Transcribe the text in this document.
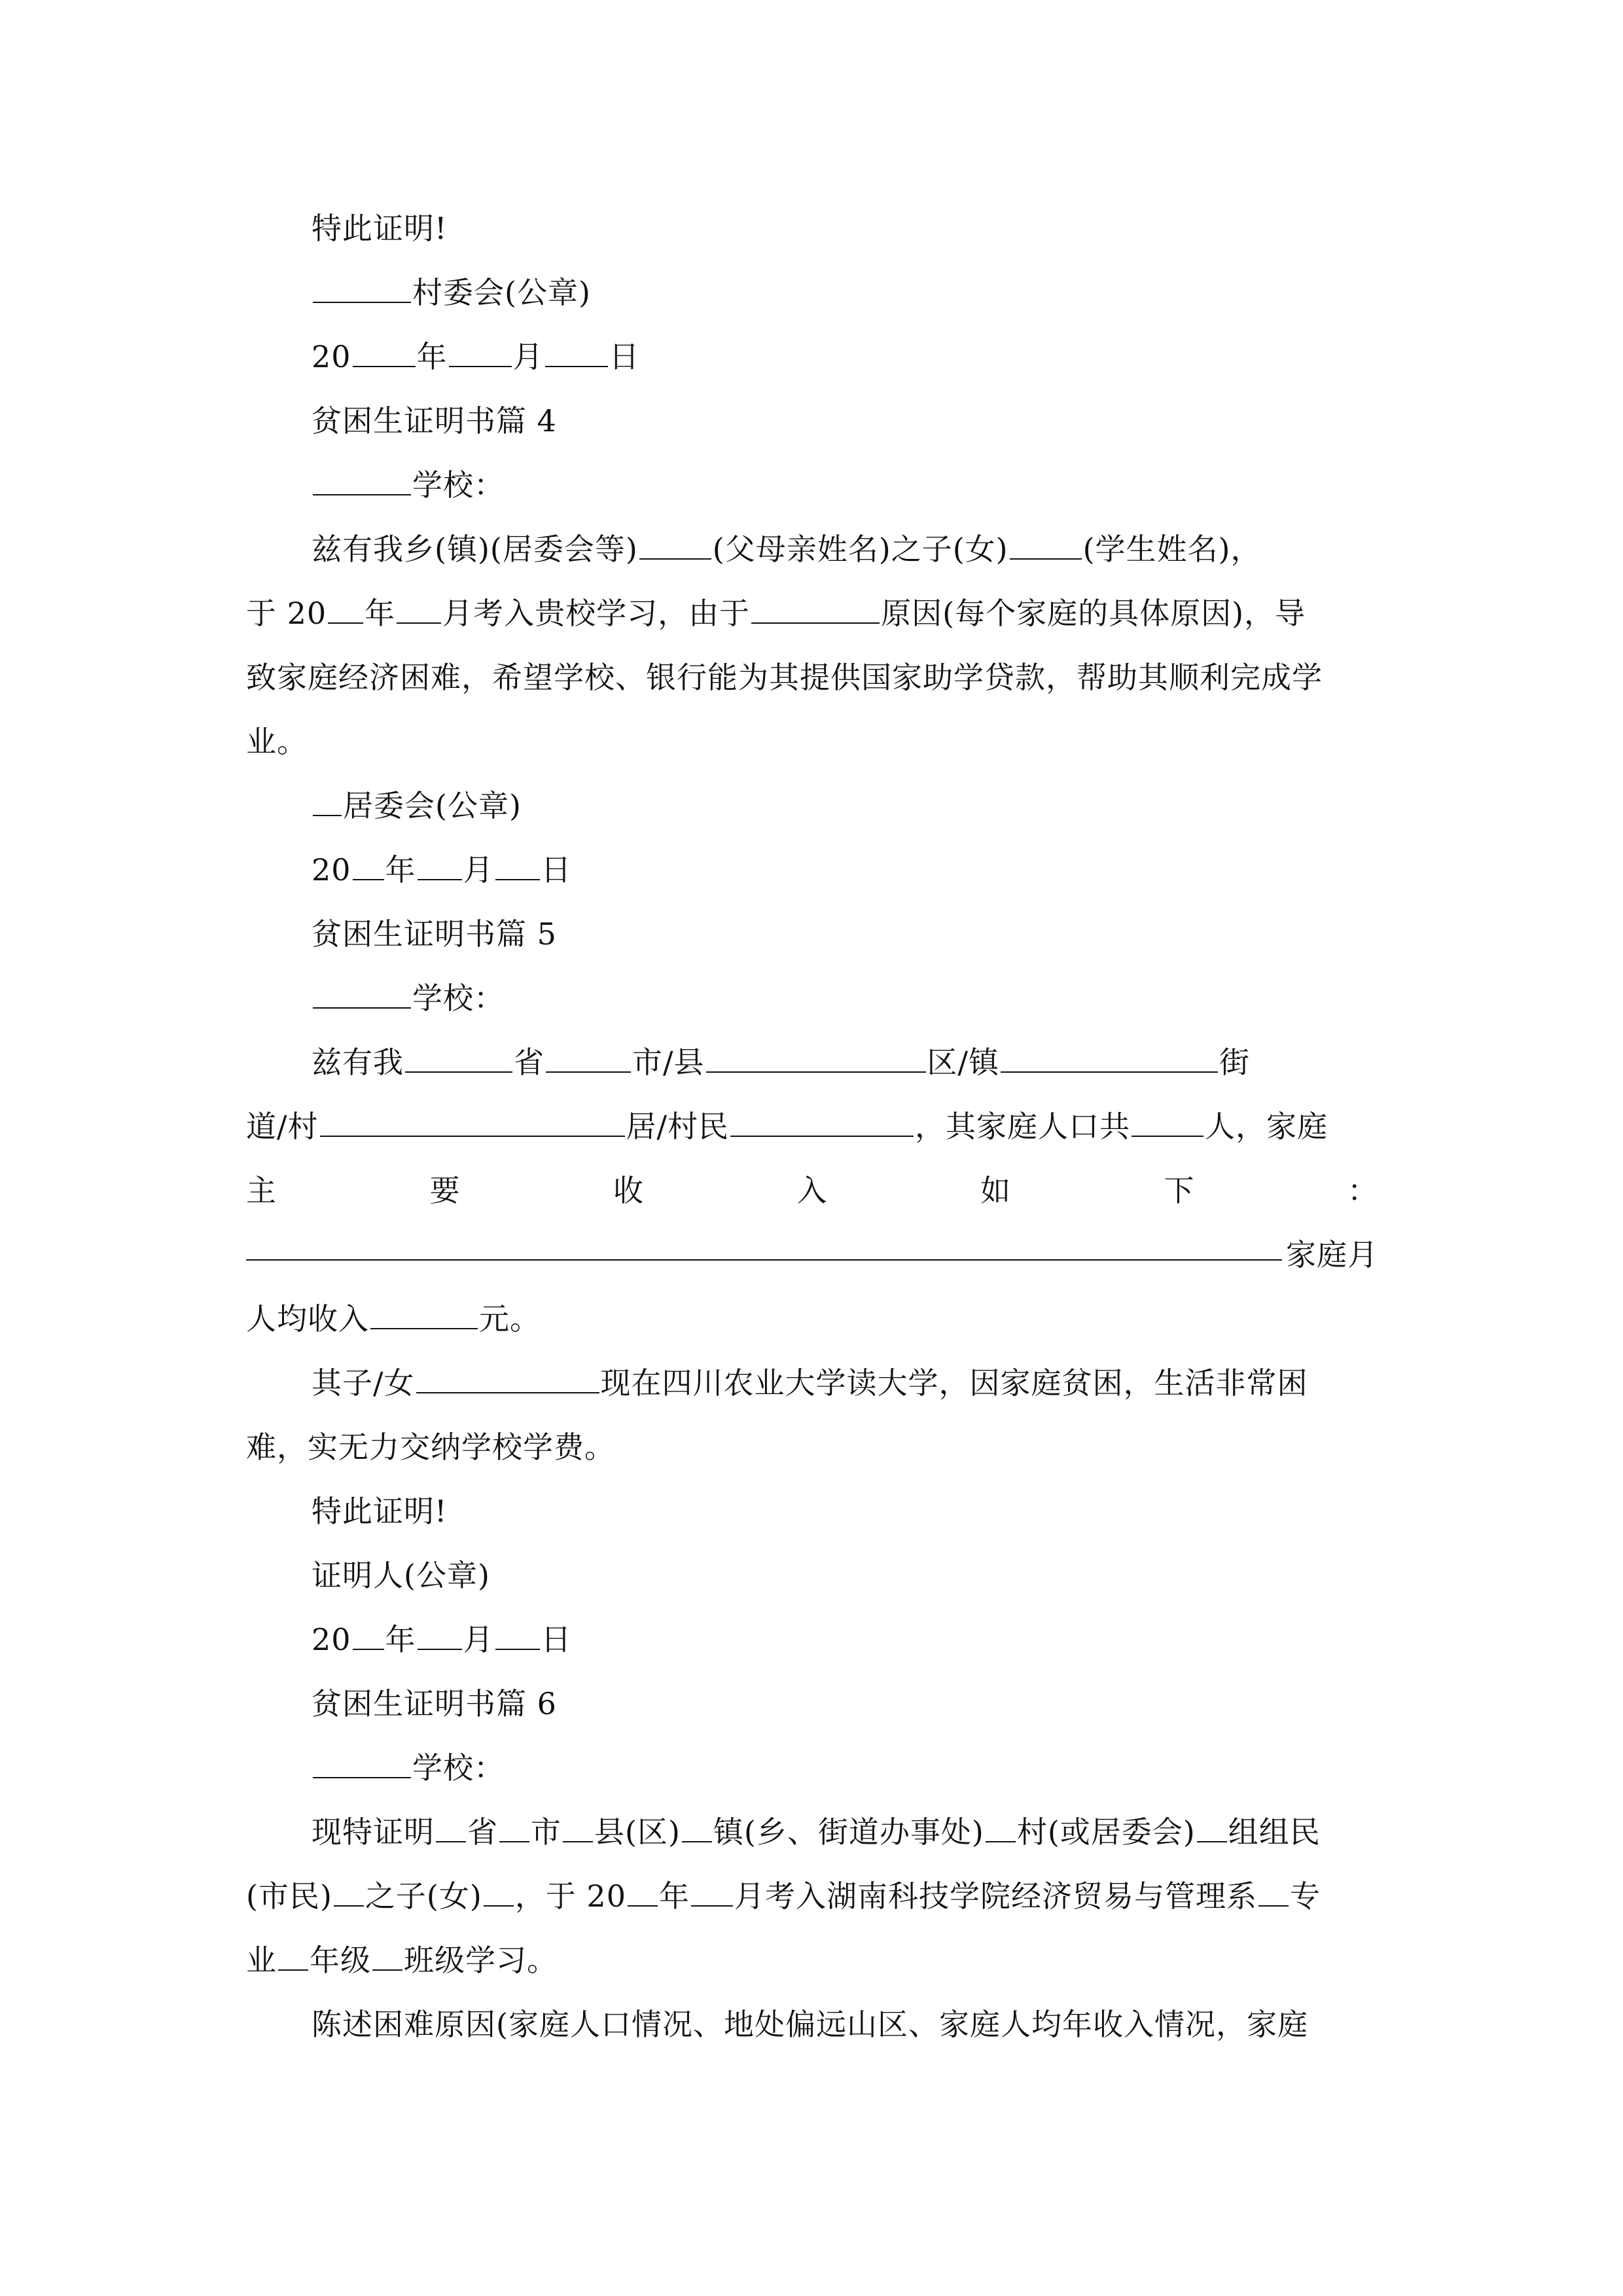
特此证明!
村委会(公章)
20 年 月 日
贫困生证明书篇 4
学校：
兹有我乡(镇)(居委会等) (父母亲姓名)之子(女) (学生姓名)，
于 20 年 月考入贵校学习，由于	原因(每个家庭的具体原因)，导
致家庭经济困难，希望学校、银行能为其提供国家助学贷款，帮助其顺利完成学
业。
居委会(公章)
20 年 月 日
贫困生证明书篇 5
学校：
兹有我	省	市/县	区/镇	街
道/村	居/村民	，其家庭人口共 人，家庭
主	要	收	入	如	下	：
家庭月
人均收入	元。
其子/女	现在四川农业大学读大学，因家庭贫困，生活非常困
难，实无力交纳学校学费。
特此证明!
证明人(公章)
20 年 月 日
贫困生证明书篇 6
学校：
现特证明 省 市 县(区) 镇(乡、街道办事处) 村(或居委会) 组组民
(市民) 之子(女) ，于 20 年 月考入湖南科技学院经济贸易与管理系 专
业 年级 班级学习。
陈述困难原因(家庭人口情况、地处偏远山区、家庭人均年收入情况，家庭
